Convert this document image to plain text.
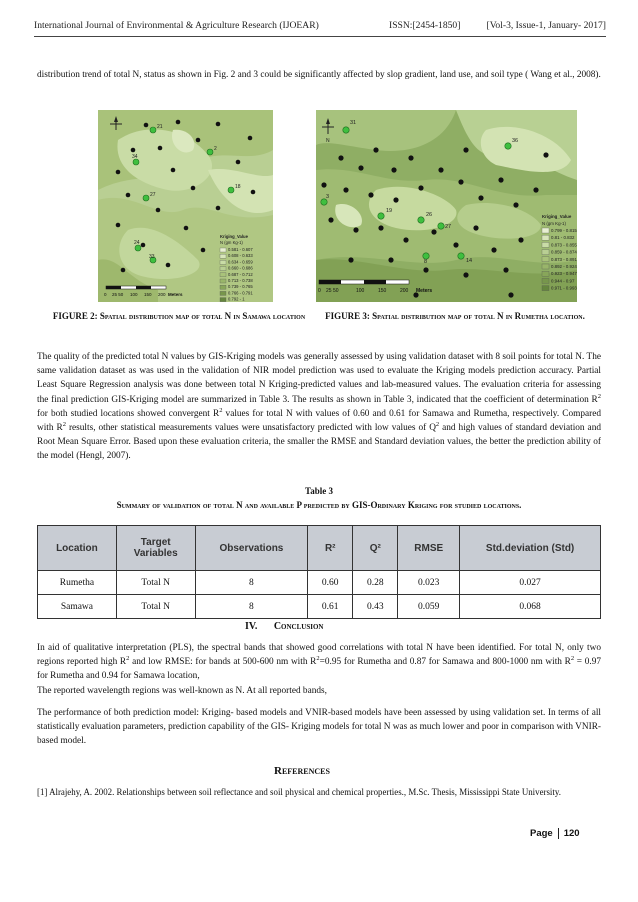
International Journal of Environmental & Agriculture Research (IJOEAR)	ISSN:[2454-1850]	[Vol-3, Issue-1, January- 2017]
distribution trend of total N, status as shown in Fig. 2 and 3 could be significantly affected by slop gradient, land use, and soil type ( Wang et al., 2008).
21
2
34
18
27
24
33
Kriging_Value
N (gm Kg-1)
0.581 - 0.607
0.608 - 0.633
0.634 - 0.659
0.660 - 0.686
0.687 - 0.712
0.713 - 0.738
0.739 - 0.765
0.766 - 0.791
0.792 - 1
0 25 50 100 150 200 Meters
N
31
36
3
19
26
27
8	14
Kriging_Value
N (gm Kg-1)
0.799 - 0.815
0.81 - 0.832
0.873 - 0.855
0.859 - 0.874
0.873 - 0.891
0.892 - 0.924
0.923 - 0.947
0.944 - 0.97
0.971 - 0.993
0 25 50	100	150	200 Meters
FIGURE 2: Spatial distribution map of total N in Samawa location	FIGURE 3: Spatial distribution map of total N in Rumetha location.
The quality of the predicted total N values by GIS-Kriging models was generally assessed by using validation dataset with 8 soil points for total N. The same validation dataset as was used in the validation of NIR model prediction was used to evaluate the Kriging models prediction accuracy. Partial Least Square Regression analysis was done between total N Kriging-predicted values and lab-measured values. The evaluation criteria for assessing the final prediction GIS-Kriging model are summarized in Table 3. The results as shown in Table 3, indicated that the coefficient of determination $R^2$ for both studied locations showed convergent $R^2$ values for total N with values of 0.60 and 0.61 for Samawa and Rumetha, respectively. Compared with $R^2$ results, other statistical measurements values were unsatisfactory predicted with low values of $Q^2$ and high values of standard deviation and Root Mean Square Error. Based upon these evaluation criteria, the smaller the RMSE and Standard deviation values, the better the prediction ability of the model (Hengl, 2007).
Table 3
Summary of validation of total N and available P predicted by GIS-Ordinary Kriging for studied locations.
Location	Target Variables	Observations	R²	Q²	RMSE	Std.deviation (Std)
Rumetha	Total N	8	0.60	0.28	0.023	0.027
Samawa	Total N	8	0.61	0.43	0.059	0.068
IV. Conclusion
In aid of qualitative interpretation (PLS), the spectral bands that showed good correlations with total N have been identified. For total N, only two regions reported high $R^2$ and low RMSE: for bands at 500-600 nm with $R^2=0.95$ for Rumetha and 0.87 for Samawa and 800-1000 nm with $R^2 = 0.97$ for Rumetha and 0.94 for Samawa location,
The reported wavelength regions was well-known as N. At all reported bands,
The performance of both prediction model: Kriging- based models and VNIR-based models have been assessed by using validation set. In terms of all statistically evaluation parameters, prediction capability of the GIS- Kriging models for total N was as much lower and poor in comparison with VNIR-based model.
References
[1] Alrajehy, A. 2002. Relationships between soil reflectance and soil physical and chemical properties., M.Sc. Thesis, Mississippi State University.
Page 120
